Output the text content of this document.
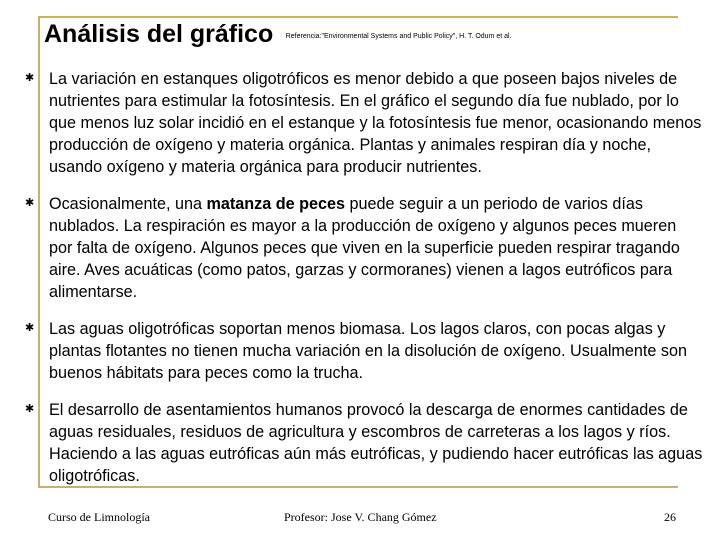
Análisis del gráfico Referencia:"Environmental Systems and Public Policy", H. T. Odum et al.
✱ La variación en estanques oligotróficos es menor debido a que poseen bajos niveles de nutrientes para estimular la fotosíntesis. En el gráfico el segundo día fue nublado, por lo que menos luz solar incidió en el estanque y la fotosíntesis fue menor, ocasionando menos producción de oxígeno y materia orgánica. Plantas y animales respiran día y noche, usando oxígeno y materia orgánica para producir nutrientes.
✱ Ocasionalmente, una matanza de peces puede seguir a un periodo de varios días nublados. La respiración es mayor a la producción de oxígeno y algunos peces mueren por falta de oxígeno. Algunos peces que viven en la superficie pueden respirar tragando aire. Aves acuáticas (como patos, garzas y cormoranes) vienen a lagos eutróficos para alimentarse.
✱ Las aguas oligotróficas soportan menos biomasa. Los lagos claros, con pocas algas y plantas flotantes no tienen mucha variación en la disolución de oxígeno. Usualmente son buenos hábitats para peces como la trucha.
✱ El desarrollo de asentamientos humanos provocó la descarga de enormes cantidades de aguas residuales, residuos de agricultura y escombros de carreteras a los lagos y ríos. Haciendo a las aguas eutróficas aún más eutróficas, y pudiendo hacer eutróficas las aguas oligotróficas.
Curso de Limnología	Profesor: Jose V. Chang Gómez	26
